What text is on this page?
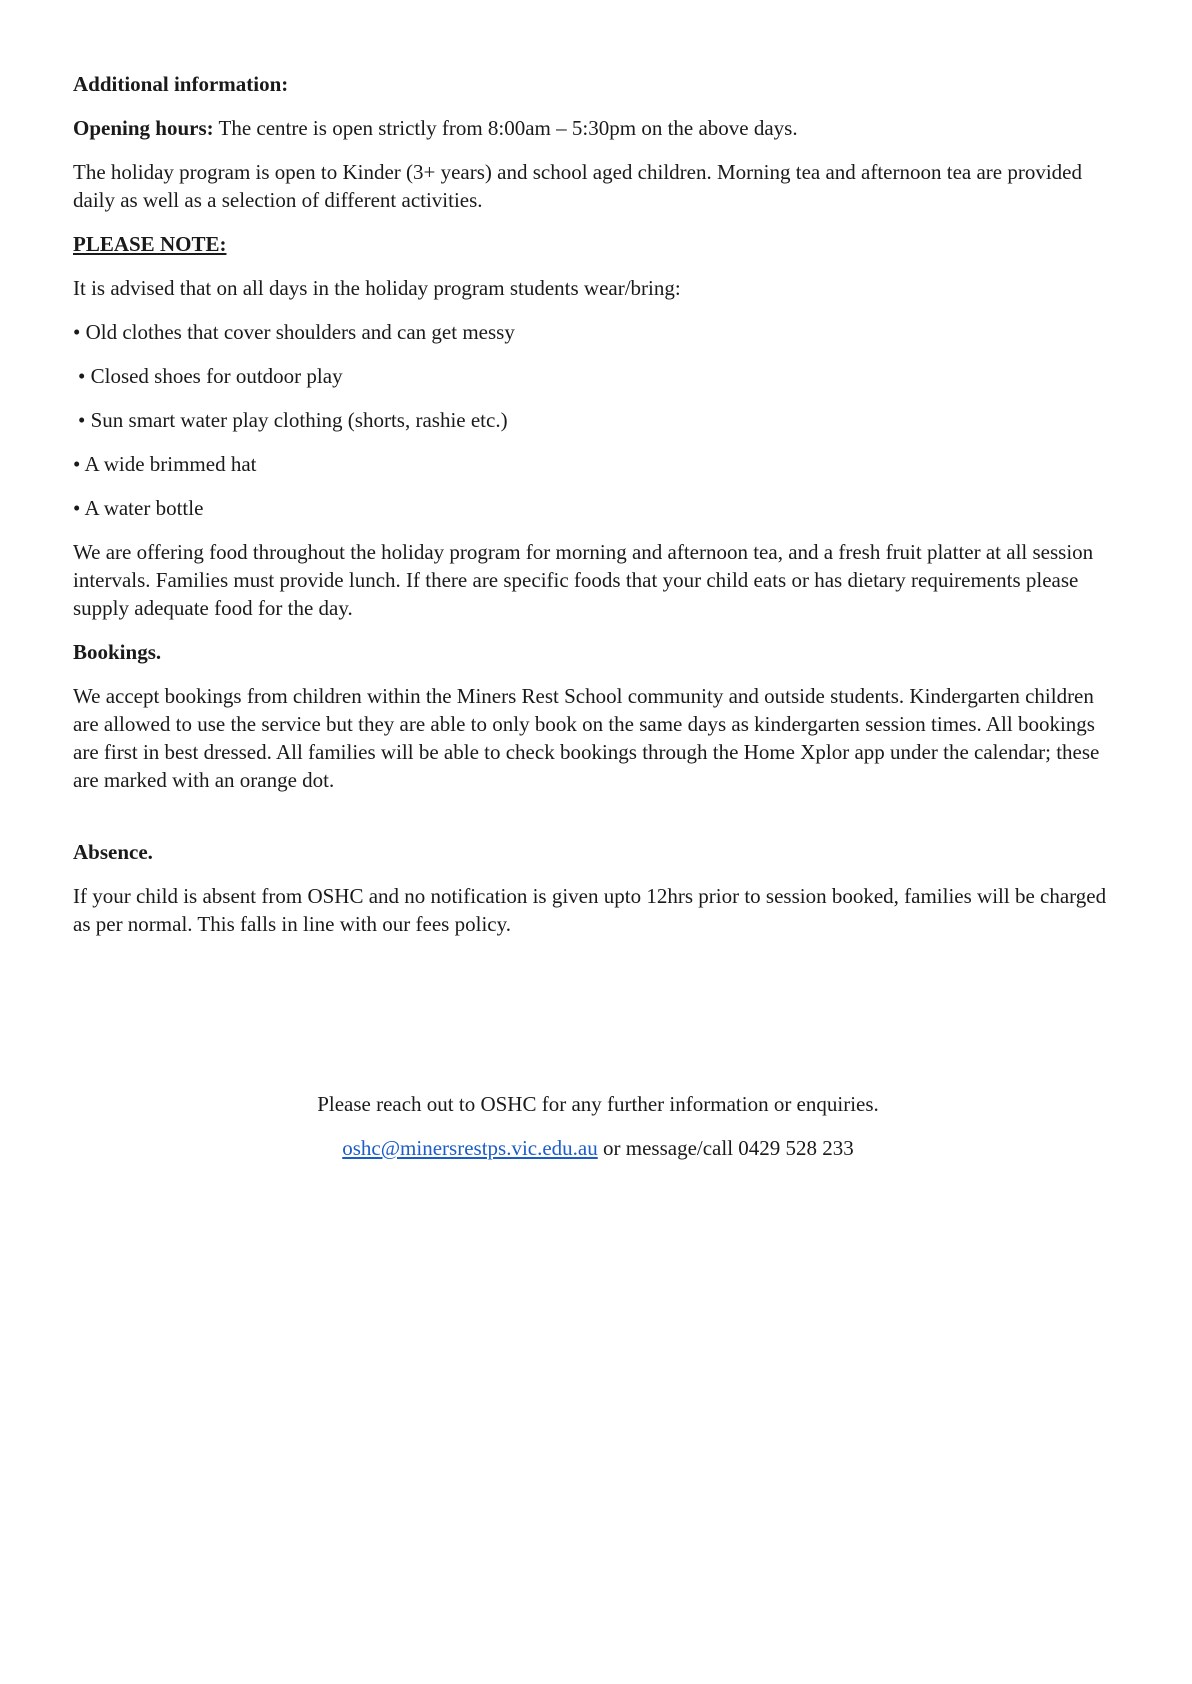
Additional information:

Opening hours: The centre is open strictly from 8:00am – 5:30pm on the above days.

The holiday program is open to Kinder (3+ years) and school aged children. Morning tea and afternoon tea are provided daily as well as a selection of different activities.

PLEASE NOTE:

It is advised that on all days in the holiday program students wear/bring:

• Old clothes that cover shoulders and can get messy

• Closed shoes for outdoor play

• Sun smart water play clothing (shorts, rashie etc.)

• A wide brimmed hat

• A water bottle

We are offering food throughout the holiday program for morning and afternoon tea, and a fresh fruit platter at all session intervals. Families must provide lunch. If there are specific foods that your child eats or has dietary requirements please supply adequate food for the day.

Bookings.

We accept bookings from children within the Miners Rest School community and outside students. Kindergarten children are allowed to use the service but they are able to only book on the same days as kindergarten session times. All bookings are first in best dressed. All families will be able to check bookings through the Home Xplor app under the calendar; these are marked with an orange dot.

Absence.

If your child is absent from OSHC and no notification is given upto 12hrs prior to session booked, families will be charged as per normal. This falls in line with our fees policy.

Please reach out to OSHC for any further information or enquiries.

oshc@minersrestps.vic.edu.au or message/call 0429 528 233
